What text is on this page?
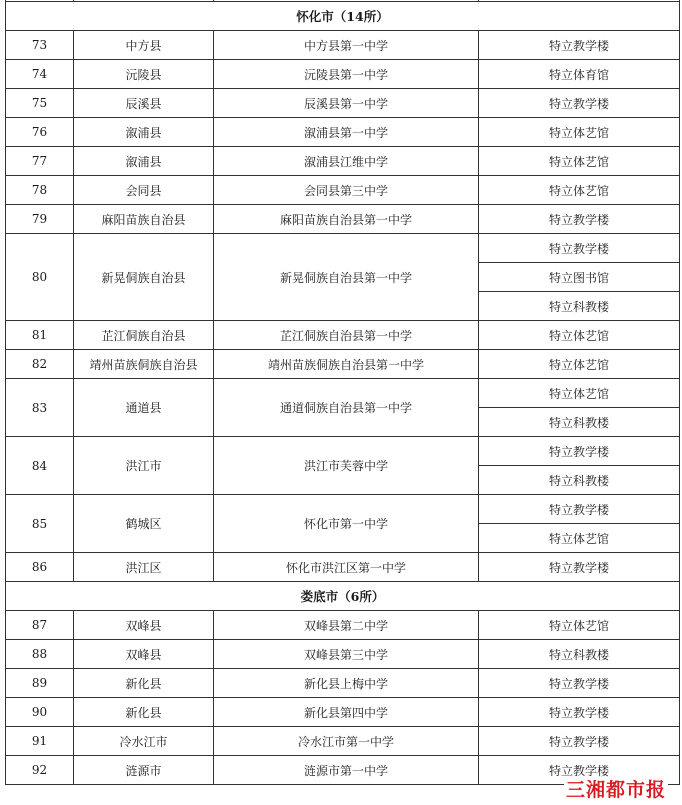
怀化市（14所）			
73	中方县	中方县第一中学	特立教学楼
74	沅陵县	沅陵县第一中学	特立体育馆
75	辰溪县	辰溪县第一中学	特立教学楼
76	溆浦县	溆浦县第一中学	特立体艺馆
77	溆浦县	溆浦县江维中学	特立体艺馆
78	会同县	会同县第三中学	特立体艺馆
79	麻阳苗族自治县	麻阳苗族自治县第一中学	特立教学楼
80	新晃侗族自治县	新晃侗族自治县第一中学	特立教学楼
			特立图书馆
			特立科教楼
81	芷江侗族自治县	芷江侗族自治县第一中学	特立体艺馆
82	靖州苗族侗族自治县	靖州苗族侗族自治县第一中学	特立体艺馆
83	通道县	通道侗族自治县第一中学	特立体艺馆
			特立科教楼
84	洪江市	洪江市芙蓉中学	特立教学楼
			特立科教楼
85	鹤城区	怀化市第一中学	特立教学楼
			特立体艺馆
86	洪江区	怀化市洪江区第一中学	特立教学楼
娄底市（6所）			
87	双峰县	双峰县第二中学	特立体艺馆
88	双峰县	双峰县第三中学	特立科教楼
89	新化县	新化县上梅中学	特立教学楼
90	新化县	新化县第四中学	特立教学楼
91	冷水江市	冷水江市第一中学	特立教学楼
92	涟源市	涟源市第一中学	特立教学楼
三湘都市报
